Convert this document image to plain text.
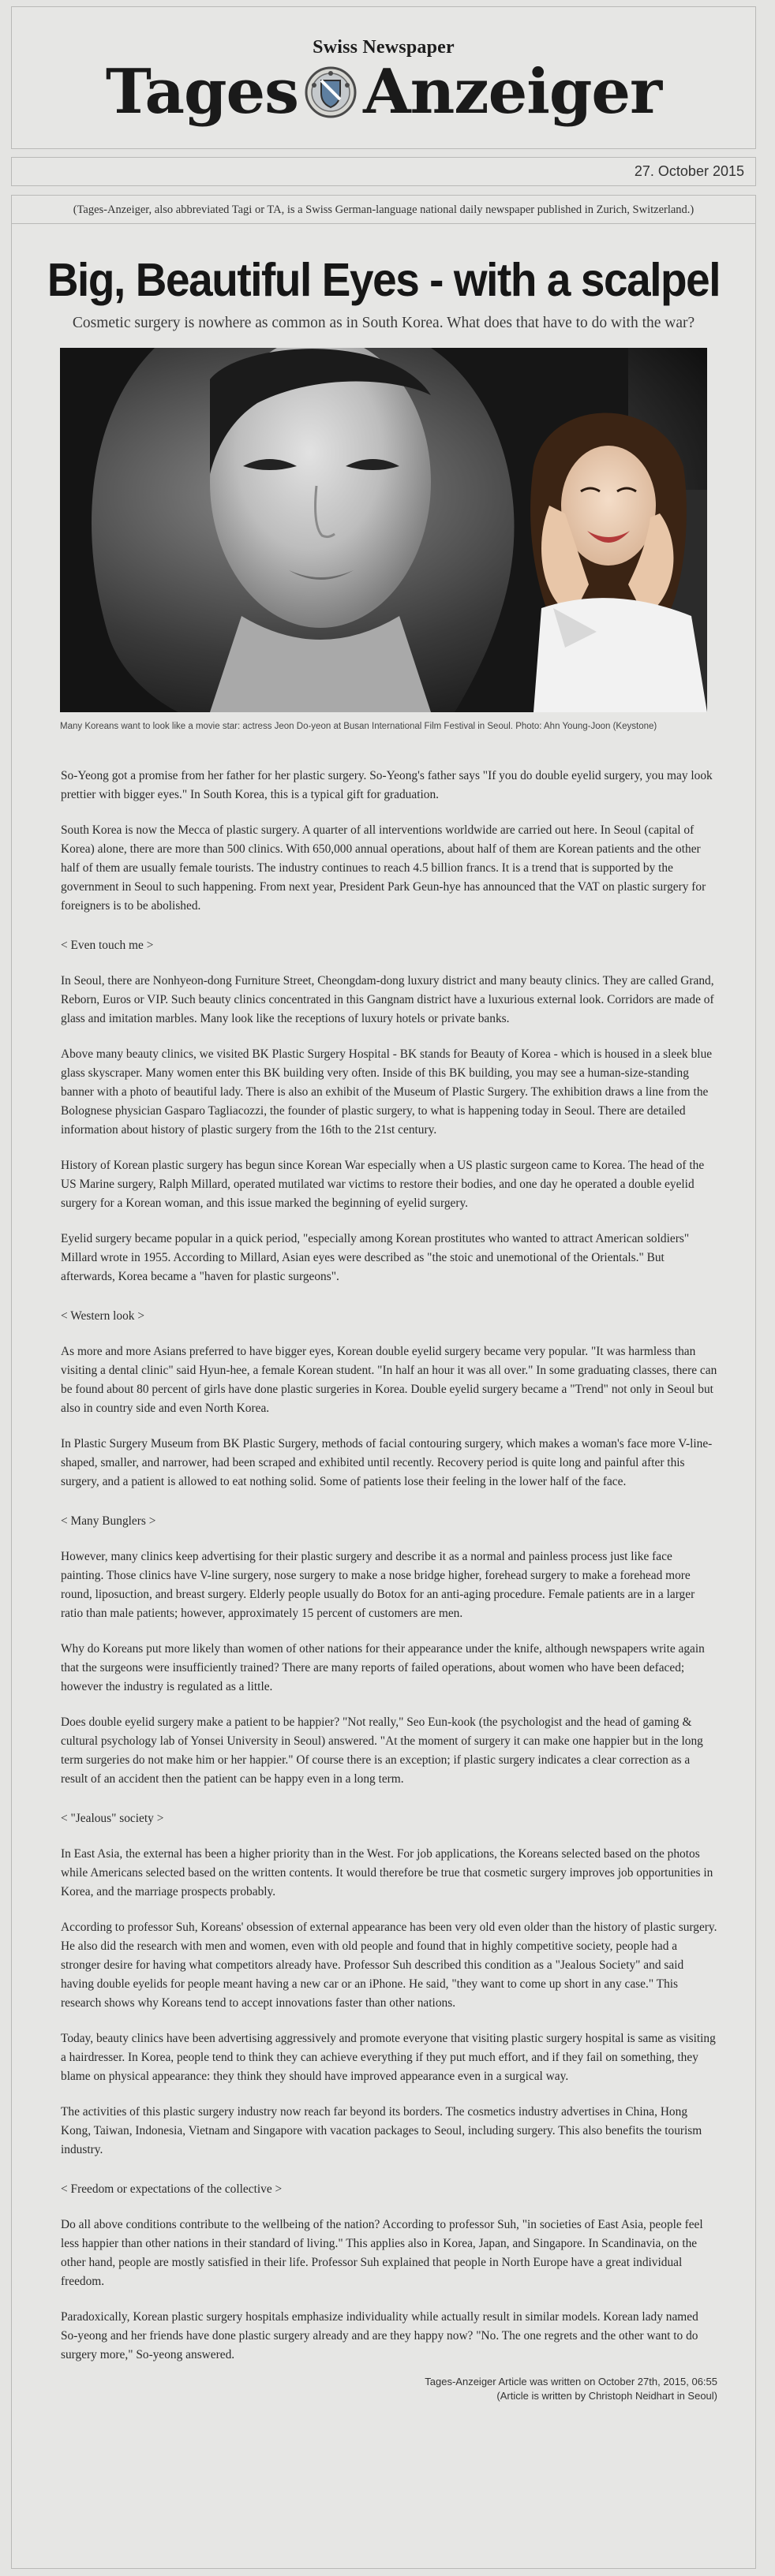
Swiss Newspaper
Tages Anzeiger
27. October 2015
(Tages-Anzeiger, also abbreviated Tagi or TA, is a Swiss German-language national daily newspaper published in Zurich, Switzerland.)
Big, Beautiful Eyes - with a scalpel
Cosmetic surgery is nowhere as common as in South Korea. What does that have to do with the war?
Many Koreans want to look like a movie star: actress Jeon Do-yeon at Busan International Film Festival in Seoul. Photo: Ahn Young-Joon (Keystone)

So-Yeong got a promise from her father for her plastic surgery. So-Yeong's father says "If you do double eyelid surgery, you may look prettier with bigger eyes." In South Korea, this is a typical gift for graduation.

South Korea is now the Mecca of plastic surgery. A quarter of all interventions worldwide are carried out here. In Seoul (capital of Korea) alone, there are more than 500 clinics. With 650,000 annual operations, about half of them are Korean patients and the other half of them are usually female tourists. The industry continues to reach 4.5 billion francs. It is a trend that is supported by the government in Seoul to such happening. From next year, President Park Geun-hye has announced that the VAT on plastic surgery for foreigners is to be abolished.

< Even touch me >

In Seoul, there are Nonhyeon-dong Furniture Street, Cheongdam-dong luxury district and many beauty clinics. They are called Grand, Reborn, Euros or VIP. Such beauty clinics concentrated in this Gangnam district have a luxurious external look. Corridors are made of glass and imitation marbles. Many look like the receptions of luxury hotels or private banks.

Above many beauty clinics, we visited BK Plastic Surgery Hospital - BK stands for Beauty of Korea - which is housed in a sleek blue glass skyscraper. Many women enter this BK building very often. Inside of this BK building, you may see a human-size-standing banner with a photo of beautiful lady. There is also an exhibit of the Museum of Plastic Surgery. The exhibition draws a line from the Bolognese physician Gasparo Tagliacozzi, the founder of plastic surgery, to what is happening today in Seoul. There are detailed information about history of plastic surgery from the 16th to the 21st century.

History of Korean plastic surgery has begun since Korean War especially when a US plastic surgeon came to Korea. The head of the US Marine surgery, Ralph Millard, operated mutilated war victims to restore their bodies, and one day he operated a double eyelid surgery for a Korean woman, and this issue marked the beginning of eyelid surgery.

Eyelid surgery became popular in a quick period, "especially among Korean prostitutes who wanted to attract American soldiers" Millard wrote in 1955. According to Millard, Asian eyes were described as "the stoic and unemotional of the Orientals." But afterwards, Korea became a "haven for plastic surgeons".

< Western look >

As more and more Asians preferred to have bigger eyes, Korean double eyelid surgery became very popular. "It was harmless than visiting a dental clinic" said Hyun-hee, a female Korean student. "In half an hour it was all over." In some graduating classes, there can be found about 80 percent of girls have done plastic surgeries in Korea. Double eyelid surgery became a "Trend" not only in Seoul but also in country side and even North Korea.

In Plastic Surgery Museum from BK Plastic Surgery, methods of facial contouring surgery, which makes a woman's face more V-line-shaped, smaller, and narrower, had been scraped and exhibited until recently. Recovery period is quite long and painful after this surgery, and a patient is allowed to eat nothing solid. Some of patients lose their feeling in the lower half of the face.

< Many Bunglers >

However, many clinics keep advertising for their plastic surgery and describe it as a normal and painless process just like face painting. Those clinics have V-line surgery, nose surgery to make a nose bridge higher, forehead surgery to make a forehead more round, liposuction, and breast surgery. Elderly people usually do Botox for an anti-aging procedure. Female patients are in a larger ratio than male patients; however, approximately 15 percent of customers are men.

Why do Koreans put more likely than women of other nations for their appearance under the knife, although newspapers write again that the surgeons were insufficiently trained? There are many reports of failed operations, about women who have been defaced; however the industry is regulated as a little.

Does double eyelid surgery make a patient to be happier? "Not really," Seo Eun-kook (the psychologist and the head of gaming & cultural psychology lab of Yonsei University in Seoul) answered. "At the moment of surgery it can make one happier but in the long term surgeries do not make him or her happier." Of course there is an exception; if plastic surgery indicates a clear correction as a result of an accident then the patient can be happy even in a long term.

< "Jealous" society >

In East Asia, the external has been a higher priority than in the West. For job applications, the Koreans selected based on the photos while Americans selected based on the written contents. It would therefore be true that cosmetic surgery improves job opportunities in Korea, and the marriage prospects probably.

According to professor Suh, Koreans' obsession of external appearance has been very old even older than the history of plastic surgery. He also did the research with men and women, even with old people and found that in highly competitive society, people had a stronger desire for having what competitors already have. Professor Suh described this condition as a "Jealous Society" and said having double eyelids for people meant having a new car or an iPhone. He said, "they want to come up short in any case." This research shows why Koreans tend to accept innovations faster than other nations.

Today, beauty clinics have been advertising aggressively and promote everyone that visiting plastic surgery hospital is same as visiting a hairdresser. In Korea, people tend to think they can achieve everything if they put much effort, and if they fail on something, they blame on physical appearance: they think they should have improved appearance even in a surgical way.

The activities of this plastic surgery industry now reach far beyond its borders. The cosmetics industry advertises in China, Hong Kong, Taiwan, Indonesia, Vietnam and Singapore with vacation packages to Seoul, including surgery. This also benefits the tourism industry.

< Freedom or expectations of the collective >

Do all above conditions contribute to the wellbeing of the nation? According to professor Suh, "in societies of East Asia, people feel less happier than other nations in their standard of living." This applies also in Korea, Japan, and Singapore. In Scandinavia, on the other hand, people are mostly satisfied in their life. Professor Suh explained that people in North Europe have a great individual freedom.

Paradoxically, Korean plastic surgery hospitals emphasize individuality while actually result in similar models. Korean lady named So-yeong and her friends have done plastic surgery already and are they happy now? "No. The one regrets and the other want to do surgery more," So-yeong answered.

Tages-Anzeiger Article was written on October 27th, 2015, 06:55
(Article is written by Christoph Neidhart in Seoul)
